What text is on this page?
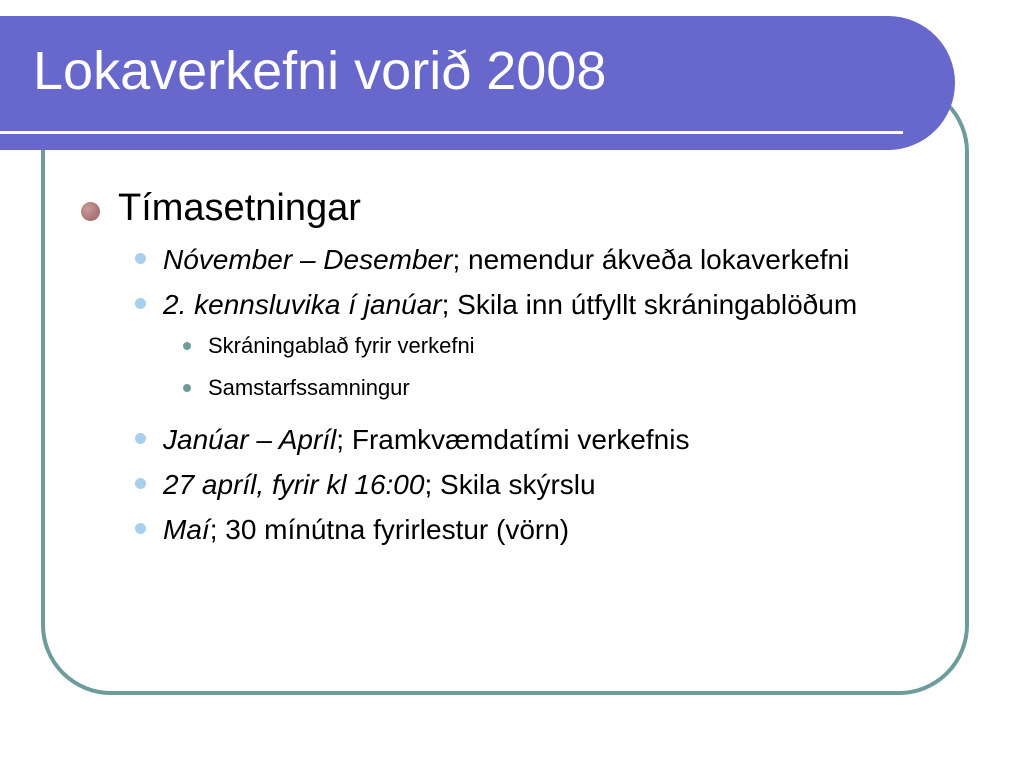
Lokaverkefni vorið 2008
Tímasetningar
Nóvember – Desember; nemendur ákveða lokaverkefni
2. kennsluvika í janúar; Skila inn útfyllt skráningablöðum
Skráningablað fyrir verkefni
Samstarfssamningur
Janúar – Apríl; Framkvæmdatími verkefnis
27 apríl, fyrir kl 16:00; Skila skýrslu
Maí; 30 mínútna fyrirlestur (vörn)
